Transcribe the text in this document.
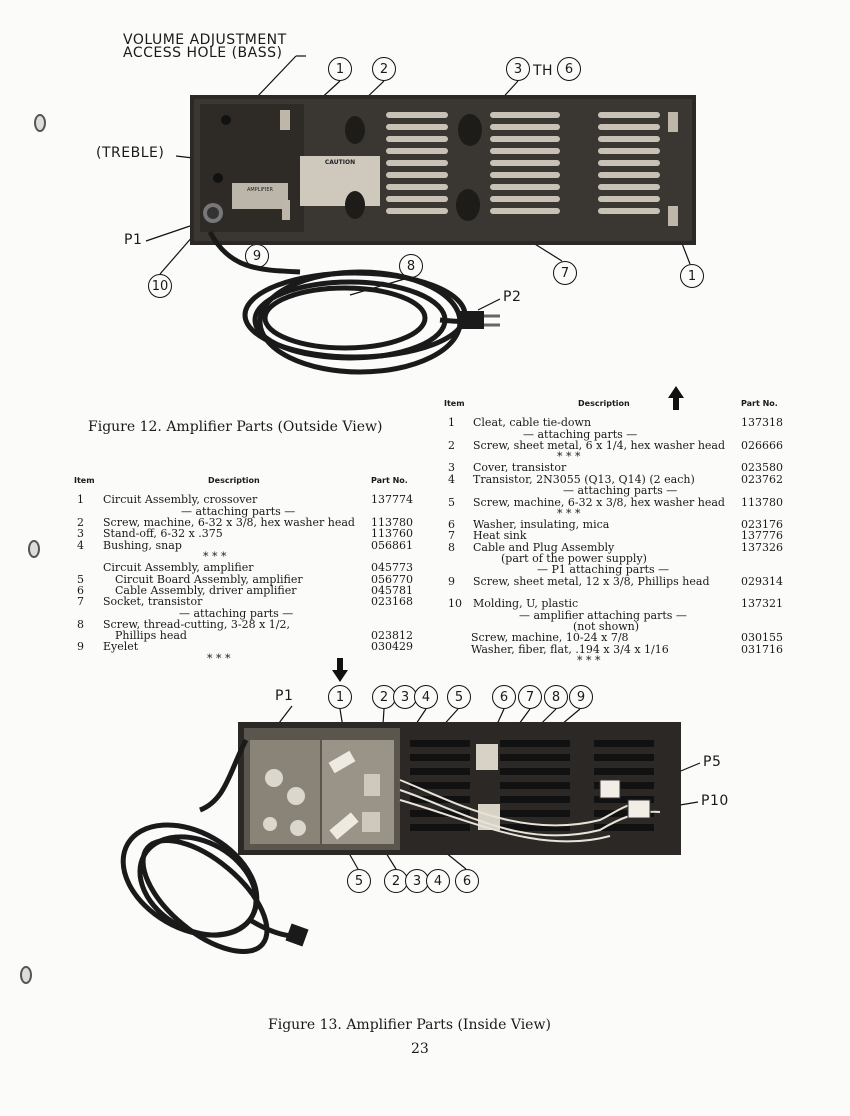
VOLUME ADJUSTMENT
ACCESS HOLE (BASS)
(TREBLE)
P1
P2
TH
1	2	3	6
9
8	7	1
10
CAUTION
AMPLIFIER
Figure 12. Amplifier Parts (Outside View)
Item	Description	Part No.
1 Circuit Assembly, crossover	137774
— attaching parts —
2 Screw, machine, 6-32 x 3/8, hex washer head 113780
3 Stand-off, 6-32 x .375	113760
4 Bushing, snap	056861
* * *
Circuit Assembly, amplifier	045773
5	Circuit Board Assembly, amplifier	056770
6	Cable Assembly, driver amplifier	045781
7 Socket, transistor	023168
— attaching parts —
8 Screw, thread-cutting, 3-28 x 1/2,
Phillips head	023812
9 Eyelet	030429
* * *
Item	Description	Part No.
1 Cleat, cable tie-down	137318
— attaching parts —
2 Screw, sheet metal, 6 x 1/4, hex washer head 026666
* * *
3 Cover, transistor	023580
4 Transistor, 2N3055 (Q13, Q14) (2 each)	023762
— attaching parts —
5 Screw, machine, 6-32 x 3/8, hex washer head 113780
* * *
6 Washer, insulating, mica	023176
7 Heat sink	137776
8 Cable and Plug Assembly	137326
(part of the power supply)
— P1 attaching parts —
9 Screw, sheet metal, 12 x 3/8, Phillips head	029314
10 Molding, U, plastic	137321
— amplifier attaching parts —
(not shown)
Screw, machine, 10-24 x 7/8	030155
Washer, fiber, flat, .194 x 3/4 x 1/16	031716
* * *
P1
P5
P10
1	2 3 4	5	6	7	8	9
5	2 3 4	6
Figure 13. Amplifier Parts (Inside View)
23
